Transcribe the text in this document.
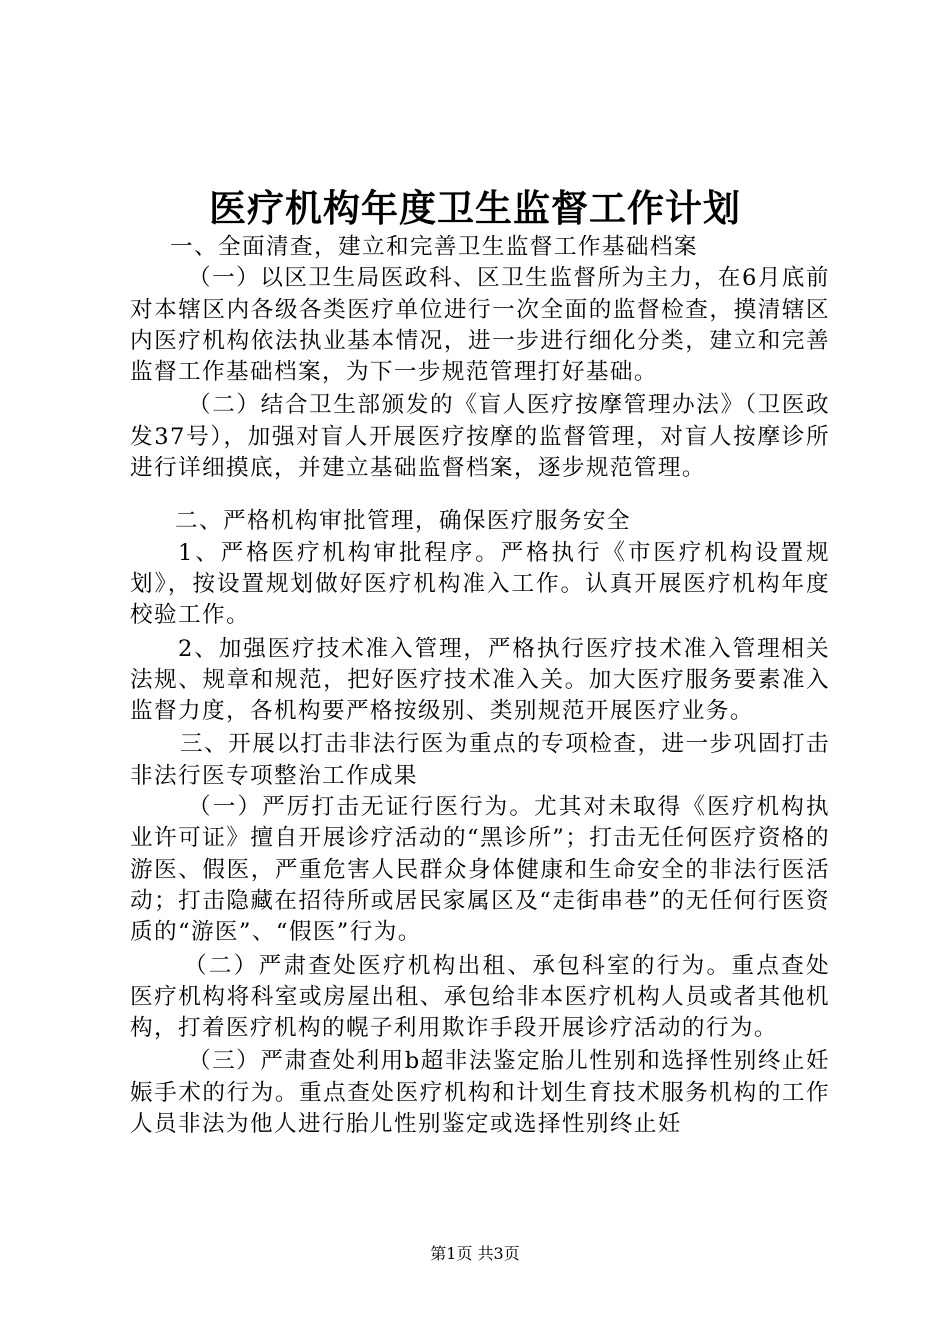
医疗机构年度卫生监督工作计划

一、全面清查，建立和完善卫生监督工作基础档案

（一）以区卫生局医政科、区卫生监督所为主力，在6月底前对本辖区内各级各类医疗单位进行一次全面的监督检查，摸清辖区内医疗机构依法执业基本情况，进一步进行细化分类，建立和完善监督工作基础档案，为下一步规范管理打好基础。

（二）结合卫生部颁发的《盲人医疗按摩管理办法》（卫医政发37号），加强对盲人开展医疗按摩的监督管理，对盲人按摩诊所进行详细摸底，并建立基础监督档案，逐步规范管理。

二、严格机构审批管理，确保医疗服务安全

1、严格医疗机构审批程序。严格执行《市医疗机构设置规划》，按设置规划做好医疗机构准入工作。认真开展医疗机构年度校验工作。

2、加强医疗技术准入管理，严格执行医疗技术准入管理相关法规、规章和规范，把好医疗技术准入关。加大医疗服务要素准入监督力度，各机构要严格按级别、类别规范开展医疗业务。

三、开展以打击非法行医为重点的专项检查，进一步巩固打击非法行医专项整治工作成果

（一）严厉打击无证行医行为。尤其对未取得《医疗机构执业许可证》擅自开展诊疗活动的“黑诊所”；打击无任何医疗资格的游医、假医，严重危害人民群众身体健康和生命安全的非法行医活动；打击隐藏在招待所或居民家属区及“走街串巷”的无任何行医资质的“游医”、“假医”行为。

（二）严肃查处医疗机构出租、承包科室的行为。重点查处医疗机构将科室或房屋出租、承包给非本医疗机构人员或者其他机构，打着医疗机构的幌子利用欺诈手段开展诊疗活动的行为。

（三）严肃查处利用b超非法鉴定胎儿性别和选择性别终止妊娠手术的行为。重点查处医疗机构和计划生育技术服务机构的工作人员非法为他人进行胎儿性别鉴定或选择性别终止妊

第1页 共3页
